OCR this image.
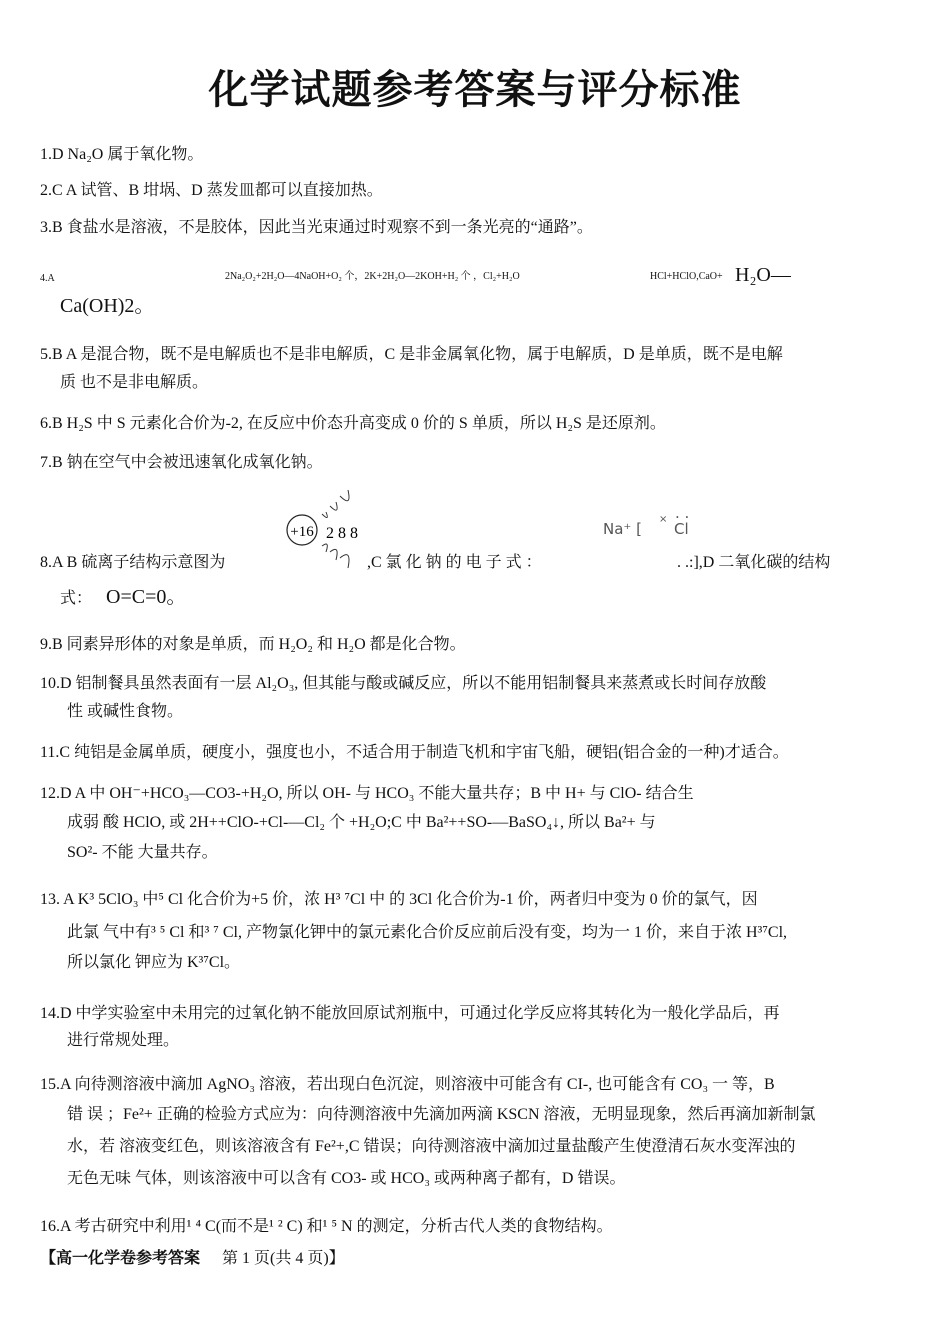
化学试题参考答案与评分标准
1.D Na₂O 属于氧化物。
2.C A 试管、B 坩埚、D 蒸发皿都可以直接加热。
3.B 食盐水是溶液，不是胶体，因此当光束通过时观察不到一条光亮的“通路”。
4.A	2Na₂O₂+2H₂O—4NaOH+O₂ 个，2K+2H₂O—2KOH+H₂ 个 ，Cl₂+H₂O	HCl+HClO,CaO+ H₂O—
Ca(OH)2。
5.B A 是混合物，既不是电解质也不是非电解质，C 是非金属氧化物，属于电解质，D 是单质，既不是电解
质 也不是非电解质。
6.B H₂S 中 S 元素化合价为-2, 在反应中价态升高变成 0 价的 S 单质，所以 H₂S 是还原剂。
7.B 钠在空气中会被迅速氧化成氧化钠。
+16 2 8 8
8.A B 硫离子结构示意图为	,C 氯 化 钠 的 电 子 式 ：	. .:],D 二氧化碳的结构
. .
Na⁺ [
×
Cl
式： O=C=0。
9.B 同素异形体的对象是单质，而 H₂O₂ 和 H₂O 都是化合物。
10.D 铝制餐具虽然表面有一层 Al₂O₃, 但其能与酸或碱反应，所以不能用铝制餐具来蒸煮或长时间存放酸
性 或碱性食物。
11.C 纯铝是金属单质，硬度小，强度也小，不适合用于制造飞机和宇宙飞船，硬铝(铝合金的一种)才适合。
12.D A 中 OH⁻+HCO₃—CO3-+H₂O, 所以 OH- 与 HCO₃ 不能大量共存；B 中 H+ 与 ClO- 结合生
成弱 酸 HClO, 或 2H++ClO-+Cl-—Cl₂ 个 +H₂O;C 中 Ba²++SO-—BaSO₄↓, 所以 Ba²+ 与
SO²- 不能 大量共存。
13. A K³ 5ClO₃ 中⁵ Cl 化合价为+5 价，浓 H³ ⁷Cl 中 的 3Cl 化合价为-1 价，两者归中变为 0 价的氯气，因
此氯 气中有³ ⁵ Cl 和³ ⁷ Cl, 产物氯化钾中的氯元素化合价反应前后没有变，均为一 1 价，来自于浓 H³⁷Cl,
所以氯化 钾应为 K³⁷Cl。
14.D 中学实验室中未用完的过氧化钠不能放回原试剂瓶中，可通过化学反应将其转化为一般化学品后，再
进行常规处理。
15.A 向待测溶液中滴加 AgNO₃ 溶液，若出现白色沉淀，则溶液中可能含有 CI-, 也可能含有 CO₃ 一 等，B
错 误 ；Fe²+ 正确的检验方式应为：向待测溶液中先滴加两滴 KSCN 溶液，无明显现象，然后再滴加新制氯
水，若 溶液变红色，则该溶液含有 Fe²+,C 错误；向待测溶液中滴加过量盐酸产生使澄清石灰水变浑浊的
无色无味 气体，则该溶液中可以含有 CO3- 或 HCO₃ 或两种离子都有，D 错误。
16.A 考古研究中利用¹ ⁴ C(而不是¹ ² C) 和¹ ⁵ N 的测定，分析古代人类的食物结构。
【高一化学卷参考答案 第 1 页(共 4 页)】
